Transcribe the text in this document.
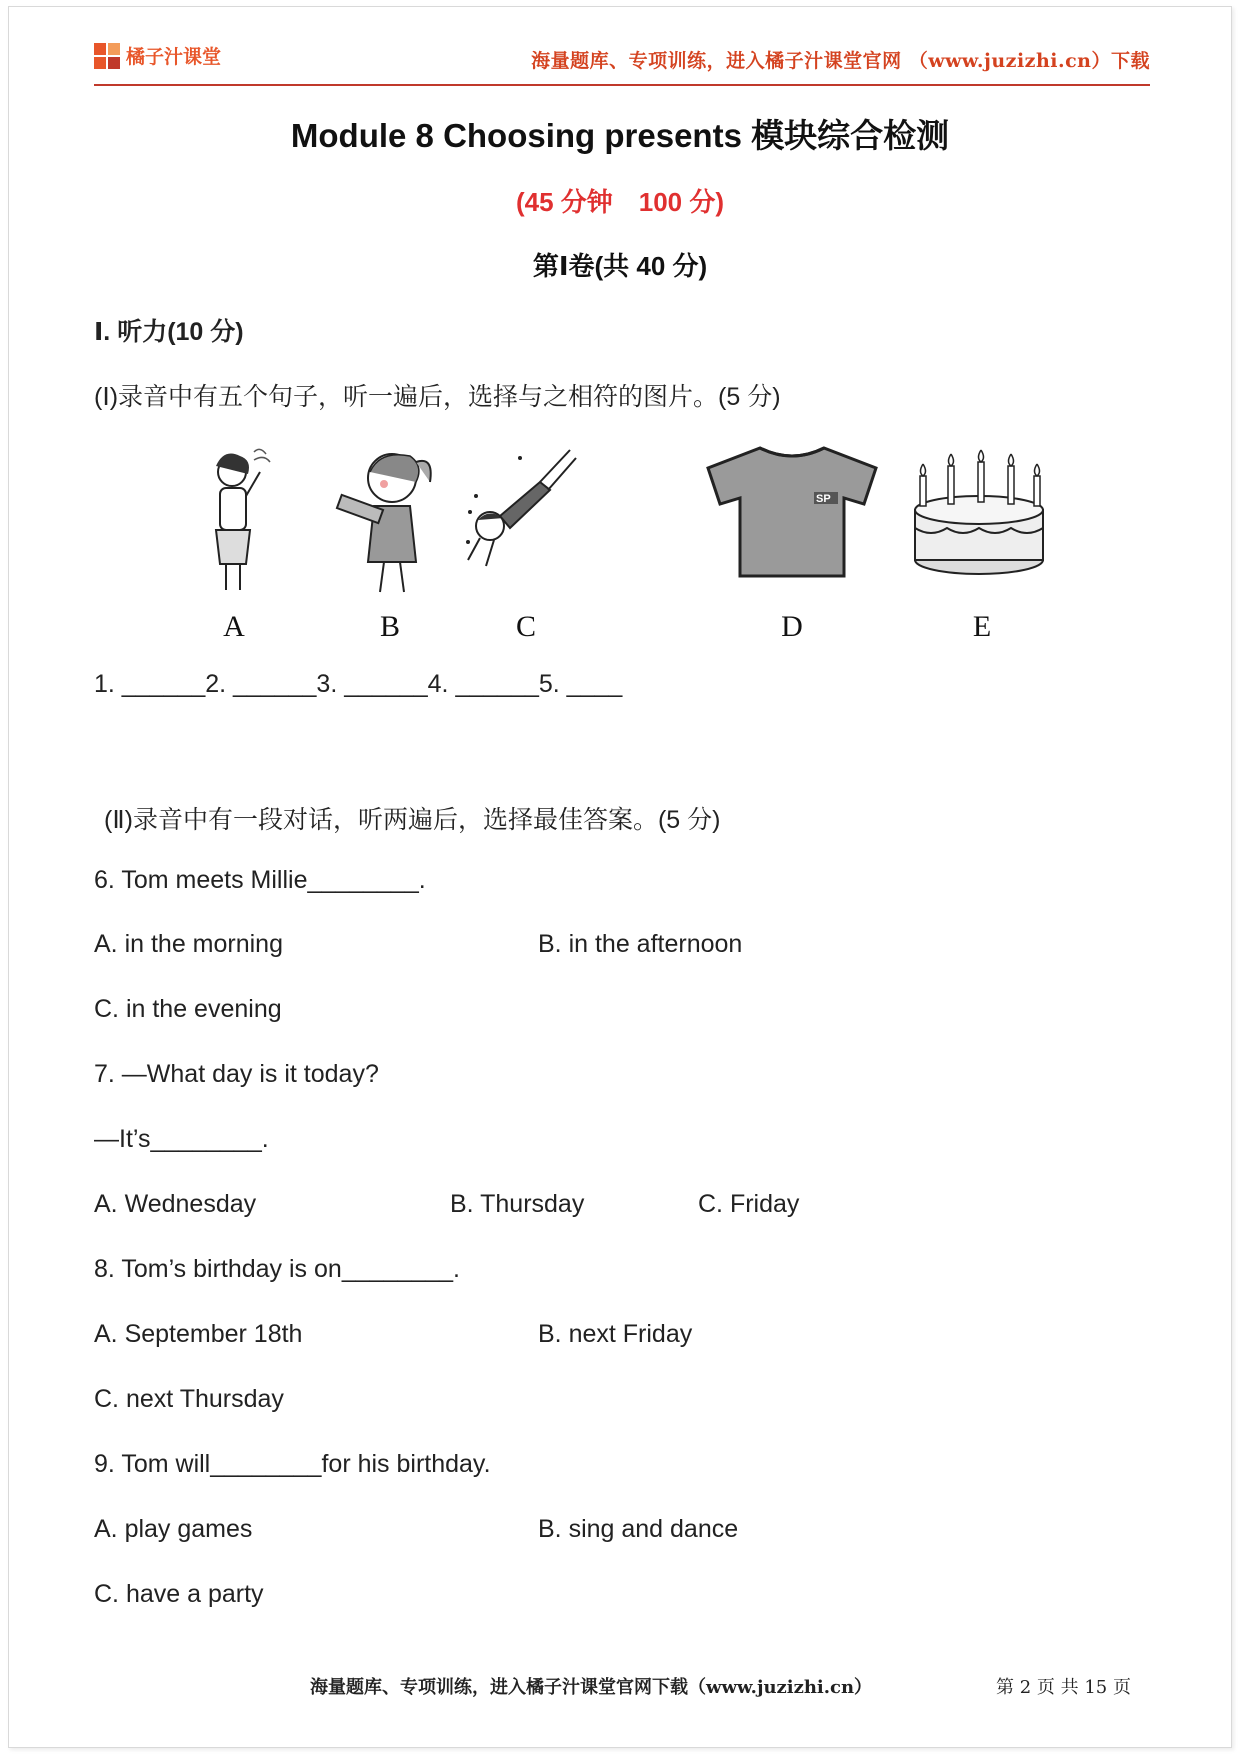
橘子汁课堂	海量题库、专项训练，进入橘子汁课堂官网 （www.juzizhi.cn）下载
Module 8 Choosing presents 模块综合检测
(45 分钟　100 分)
第Ⅰ卷(共 40 分)
Ⅰ. 听力(10 分)
(Ⅰ)录音中有五个句子，听一遍后，选择与之相符的图片。(5 分)
A	B	C
SP
D	E
1. ______2. ______3. ______4. ______5. ____
(Ⅱ)录音中有一段对话，听两遍后，选择最佳答案。(5 分)
6. Tom meets Millie________.
A. in the morning	B. in the afternoon
C. in the evening
7. —What day is it today?
—It’s________.
A. Wednesday	B. Thursday	C. Friday
8. Tom’s birthday is on________.
A. September 18th	B. next Friday
C. next Thursday
9. Tom will________for his birthday.
A. play games	B. sing and dance
C. have a party
海量题库、专项训练，进入橘子汁课堂官网下载（www.juzizhi.cn）	第 2 页 共 15 页
